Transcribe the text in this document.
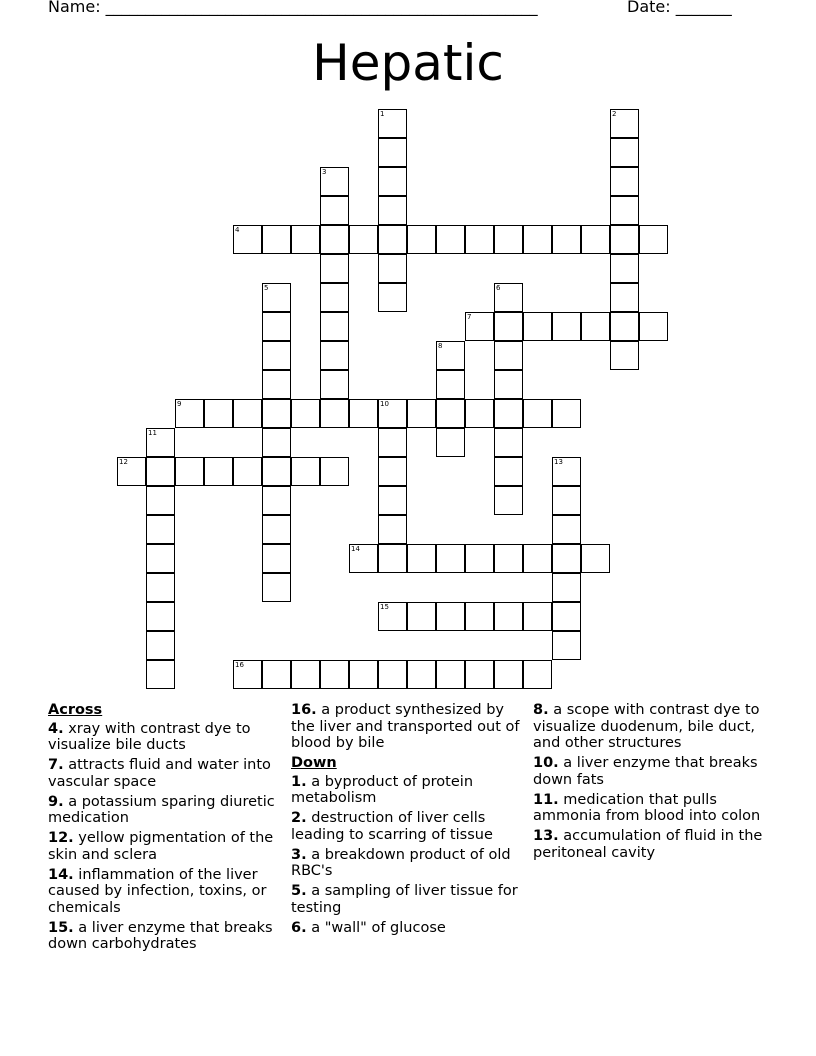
Name: ______________________________________________________	Date: _______
Hepatic
1	2
3
4
5	6
7
8
9	10
11
12	13
14
15
16
Across
4. xray with contrast dye to visualize bile ducts
7. attracts fluid and water into vascular space
9. a potassium sparing diuretic medication
12. yellow pigmentation of the skin and sclera
14. inflammation of the liver caused by infection, toxins, or chemicals
15. a liver enzyme that breaks down carbohydrates
16. a product synthesized by the liver and transported out of blood by bile
Down
1. a byproduct of protein metabolism
2. destruction of liver cells leading to scarring of tissue
3. a breakdown product of old RBC's
5. a sampling of liver tissue for testing
6. a "wall" of glucose
8. a scope with contrast dye to visualize duodenum, bile duct, and other structures
10. a liver enzyme that breaks down fats
11. medication that pulls ammonia from blood into colon
13. accumulation of fluid in the peritoneal cavity
